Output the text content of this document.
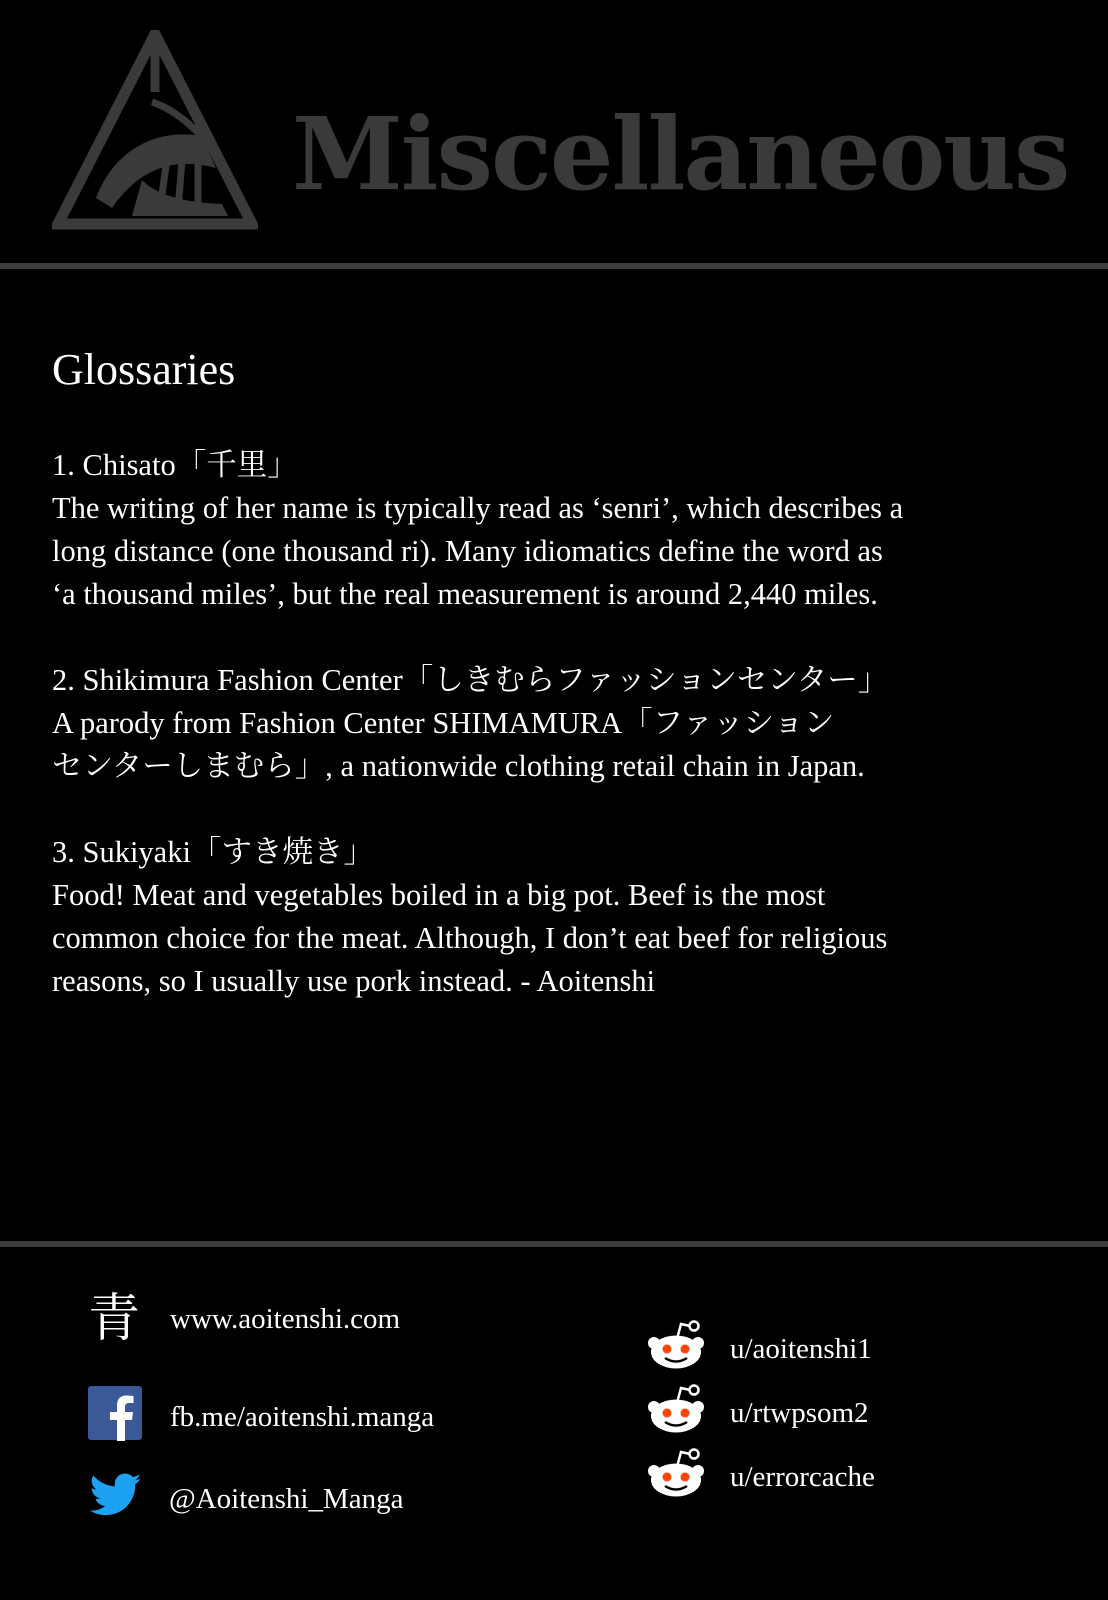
Miscellaneous
Glossaries

1. Chisato「千里」

The writing of her name is typically read as ‘senri’, which describes a

long distance (one thousand ri). Many idiomatics define the word as

‘a thousand miles’, but the real measurement is around 2,440 miles.

2. Shikimura Fashion Center「しきむらファッションセンター」

A parody from Fashion Center SHIMAMURA「ファッション

センターしまむら」, a nationwide clothing retail chain in Japan.

3. Sukiyaki「すき焼き」

Food! Meat and vegetables boiled in a big pot. Beef is the most

common choice for the meat. Although, I don’t eat beef for religious

reasons, so I usually use pork instead. - Aoitenshi

青 www.aoitenshi.com
fb.me/aoitenshi.manga
@Aoitenshi_Manga
u/aoitenshi1
u/rtwpsom2
u/errorcache
